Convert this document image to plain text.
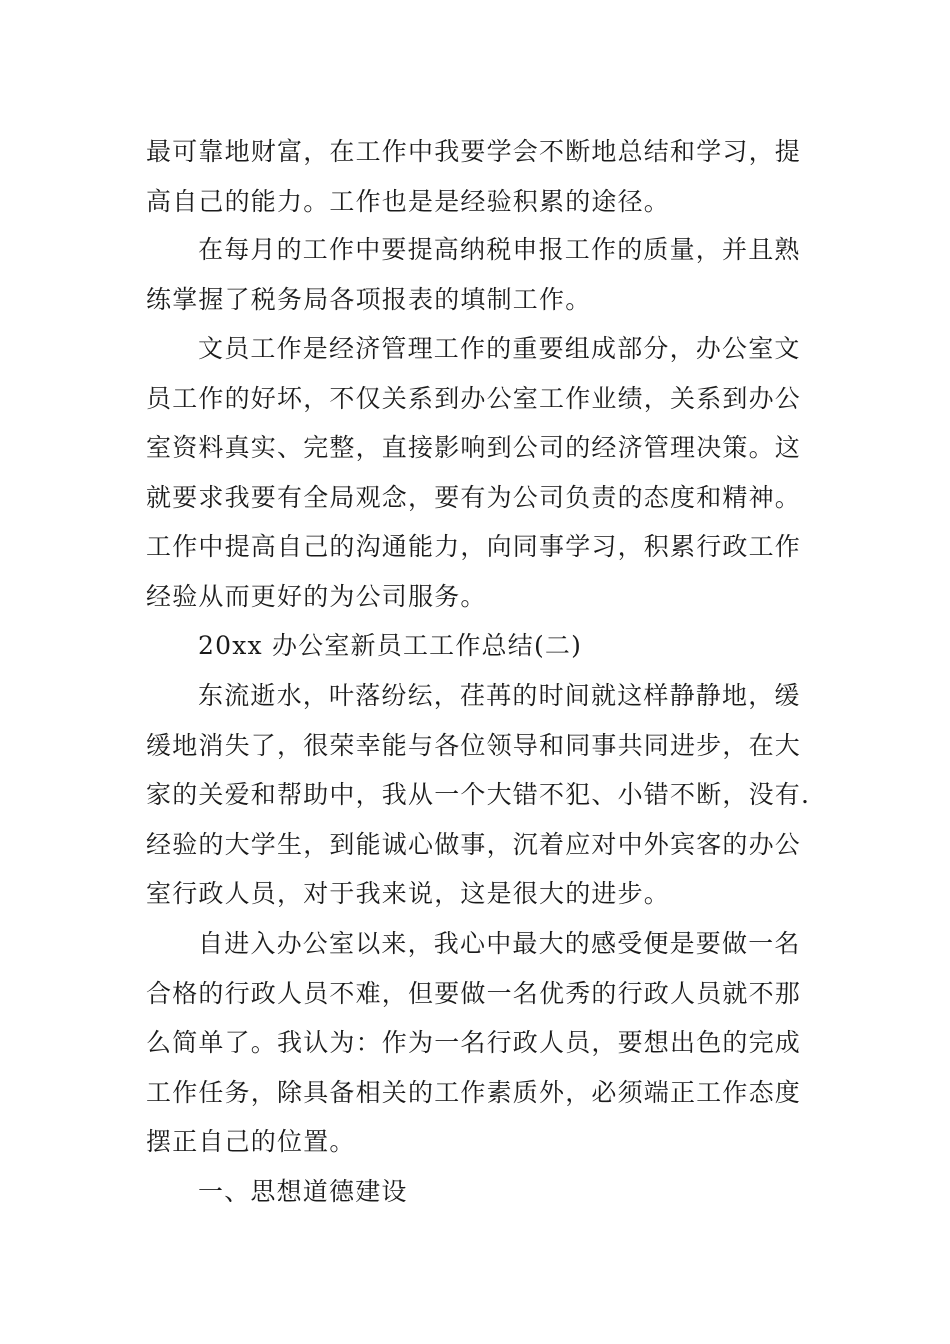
最可靠地财富，在工作中我要学会不断地总结和学习，提
高自己的能力。工作也是是经验积累的途径。
在每月的工作中要提高纳税申报工作的质量，并且熟
练掌握了税务局各项报表的填制工作。
文员工作是经济管理工作的重要组成部分，办公室文
员工作的好坏，不仅关系到办公室工作业绩，关系到办公
室资料真实、完整，直接影响到公司的经济管理决策。这
就要求我要有全局观念，要有为公司负责的态度和精神。
工作中提高自己的沟通能力，向同事学习，积累行政工作
经验从而更好的为公司服务。
20xx 办公室新员工工作总结(二)
东流逝水，叶落纷纭，荏苒的时间就这样静静地，缓
缓地消失了，很荣幸能与各位领导和同事共同进步，在大
家的关爱和帮助中，我从一个大错不犯、小错不断，没有.
经验的大学生，到能诚心做事，沉着应对中外宾客的办公
室行政人员，对于我来说，这是很大的进步。
自进入办公室以来，我心中最大的感受便是要做一名
合格的行政人员不难，但要做一名优秀的行政人员就不那
么简单了。我认为：作为一名行政人员，要想出色的完成
工作任务，除具备相关的工作素质外，必须端正工作态度
摆正自己的位置。
一、思想道德建设
